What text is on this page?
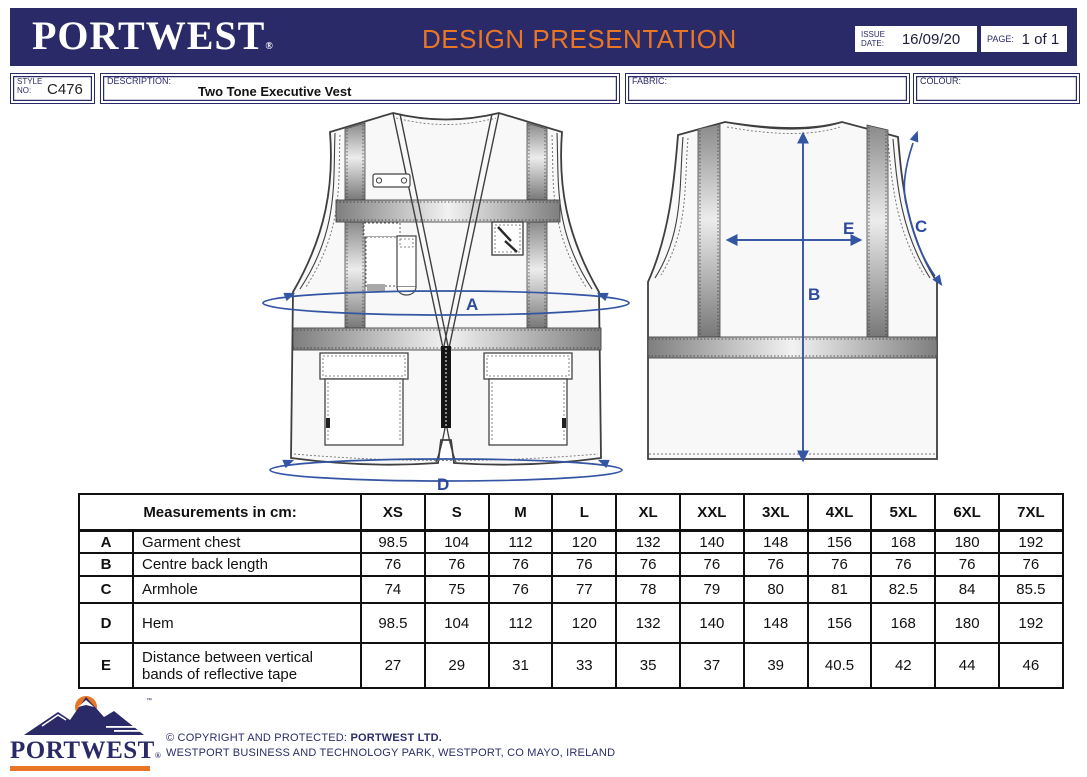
PORTWEST®	DESIGN PRESENTATION	ISSUE
DATE:	16/09/20	PAGE: 1 of 1
STYLE
NO:	C476	DESCRIPTION:
Two Tone Executive Vest
FABRIC:	COLOUR:
A
D
B
E	C
Measurements in cm:		XS	S	M	L	XL	XXL	3XL	4XL	5XL	6XL	7XL
A	Garment chest	98.5	104	112	120	132	140	148	156	168	180	192
B	Centre back length	76	76	76	76	76	76	76	76	76	76	76
C	Armhole	74	75	76	77	78	79	80	81	82.5	84	85.5
D	Hem	98.5	104	112	120	132	140	148	156	168	180	192
E	Distance between vertical bands of reflective tape	27	29	31	33	35	37	39	40.5	42	44	46
™
PORTWEST®
© COPYRIGHT AND PROTECTED: PORTWEST LTD.
WESTPORT BUSINESS AND TECHNOLOGY PARK, WESTPORT, CO MAYO, IRELAND
